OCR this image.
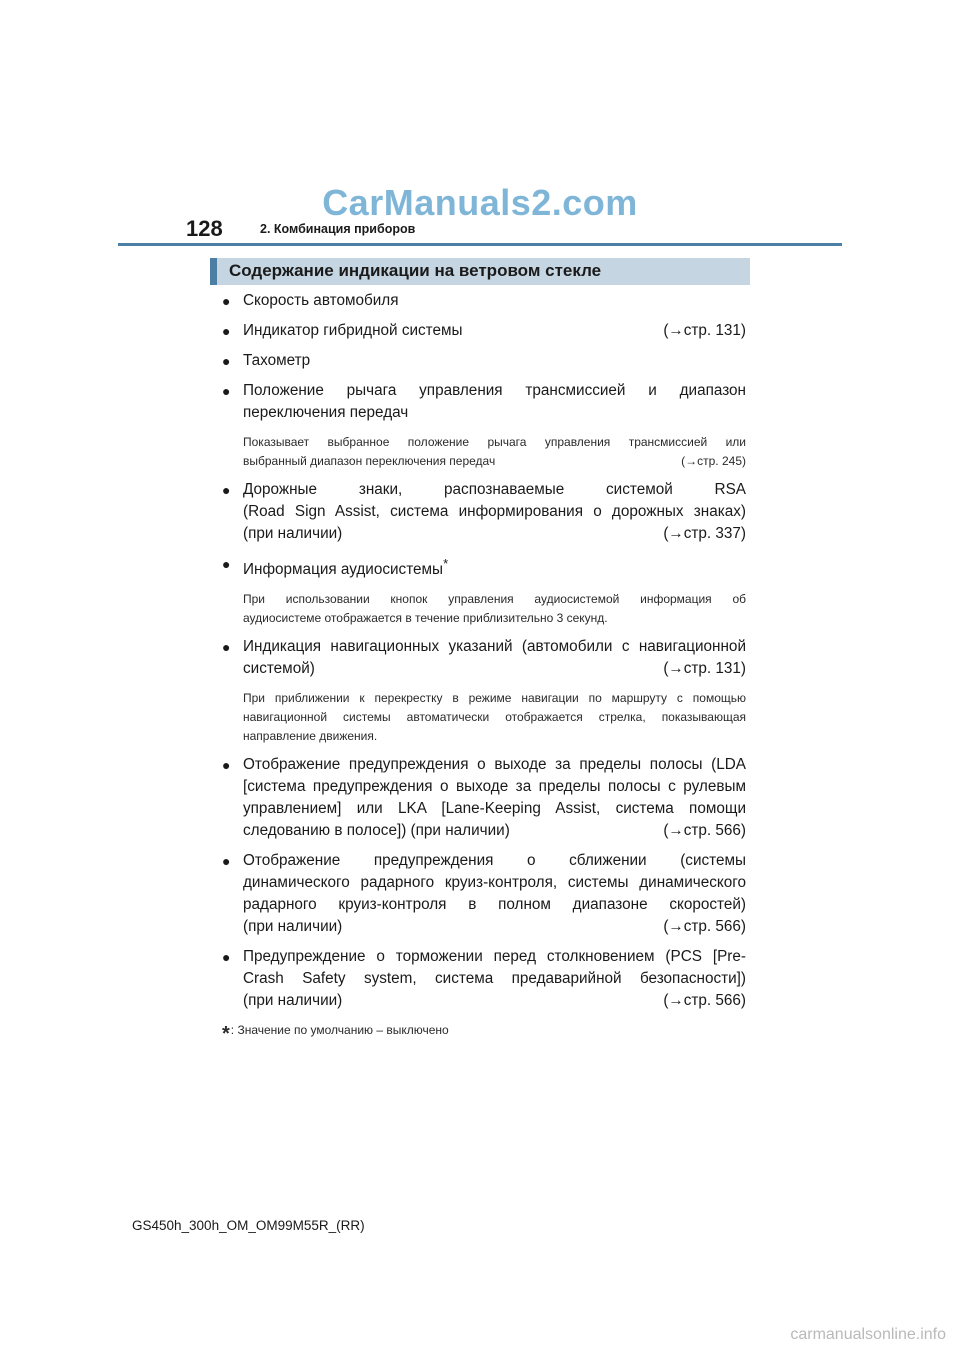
CarManuals2.com
128	2. Комбинация приборов
Содержание индикации на ветровом стекле
● Скорость автомобиля
● Индикатор гибридной системы	(→стр. 131)
● Тахометр
● Положение рычага управления трансмиссией и диапазон
переключения передач
Показывает выбранное положение рычага управления трансмиссией или
выбранный диапазон переключения передач	(→стр. 245)
● Дорожные знаки, распознаваемые системой RSA
(Road Sign Assist, система информирования о дорожных знаках)
(при наличии)	(→стр. 337)
● Информация аудиосистемы*
При использовании кнопок управления аудиосистемой информация об
аудиосистеме отображается в течение приблизительно 3 секунд.
● Индикация навигационных указаний (автомобили с навигационной
системой)	(→стр. 131)
При приближении к перекрестку в режиме навигации по маршруту с помощью
навигационной системы автоматически отображается стрелка, показывающая
направление движения.
● Отображение предупреждения о выходе за пределы полосы (LDA
[система предупреждения о выходе за пределы полосы с рулевым
управлением] или LKA [Lane-Keeping Assist, система помощи
следованию в полосе]) (при наличии)	(→стр. 566)
● Отображение предупреждения о сближении (системы
динамического радарного круиз-контроля, системы динамического
радарного круиз-контроля в полном диапазоне скоростей)
(при наличии)	(→стр. 566)
● Предупреждение о торможении перед столкновением (PCS [Pre-
Crash Safety system, система предаварийной безопасности])
(при наличии)	(→стр. 566)
*: Значение по умолчанию – выключено
GS450h_300h_OM_OM99M55R_(RR)
carmanualsonline.info
